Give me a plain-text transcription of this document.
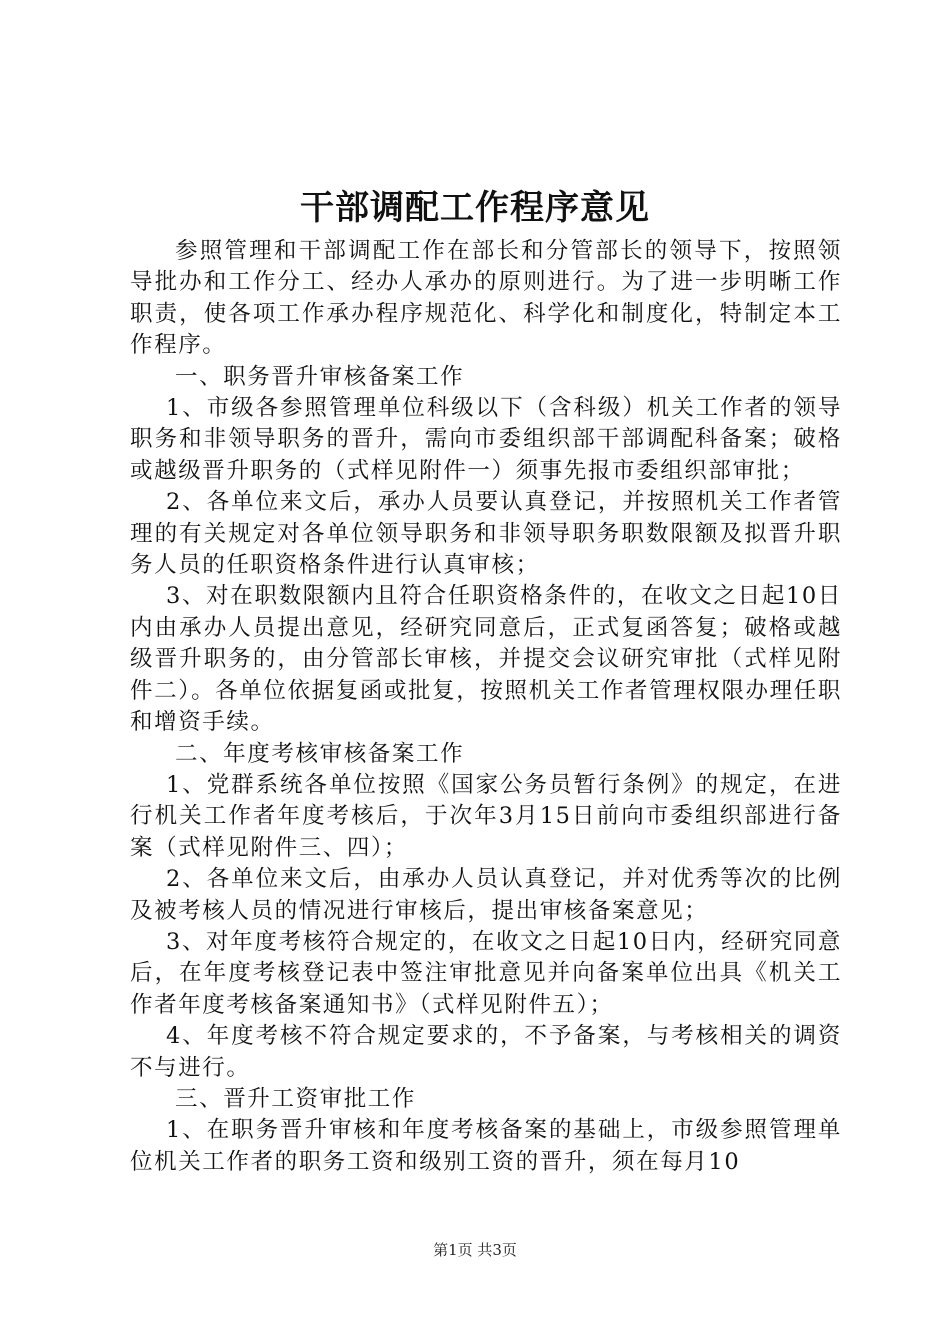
干部调配工作程序意见

参照管理和干部调配工作在部长和分管部长的领导下，按照领导批办和工作分工、经办人承办的原则进行。为了进一步明晰工作职责，使各项工作承办程序规范化、科学化和制度化，特制定本工作程序。

一、职务晋升审核备案工作

1、市级各参照管理单位科级以下（含科级）机关工作者的领导职务和非领导职务的晋升，需向市委组织部干部调配科备案；破格或越级晋升职务的（式样见附件一）须事先报市委组织部审批；

2、各单位来文后，承办人员要认真登记，并按照机关工作者管理的有关规定对各单位领导职务和非领导职务职数限额及拟晋升职务人员的任职资格条件进行认真审核；

3、对在职数限额内且符合任职资格条件的，在收文之日起10日内由承办人员提出意见，经研究同意后，正式复函答复；破格或越级晋升职务的，由分管部长审核，并提交会议研究审批（式样见附件二）。各单位依据复函或批复，按照机关工作者管理权限办理任职和增资手续。

二、年度考核审核备案工作

1、党群系统各单位按照《国家公务员暂行条例》的规定，在进行机关工作者年度考核后，于次年3月15日前向市委组织部进行备案（式样见附件三、四）；

2、各单位来文后，由承办人员认真登记，并对优秀等次的比例及被考核人员的情况进行审核后，提出审核备案意见；

3、对年度考核符合规定的，在收文之日起10日内，经研究同意后，在年度考核登记表中签注审批意见并向备案单位出具《机关工作者年度考核备案通知书》（式样见附件五）；

4、年度考核不符合规定要求的，不予备案，与考核相关的调资不与进行。

三、晋升工资审批工作

1、在职务晋升审核和年度考核备案的基础上，市级参照管理单位机关工作者的职务工资和级别工资的晋升，须在每月10

第1页 共3页
